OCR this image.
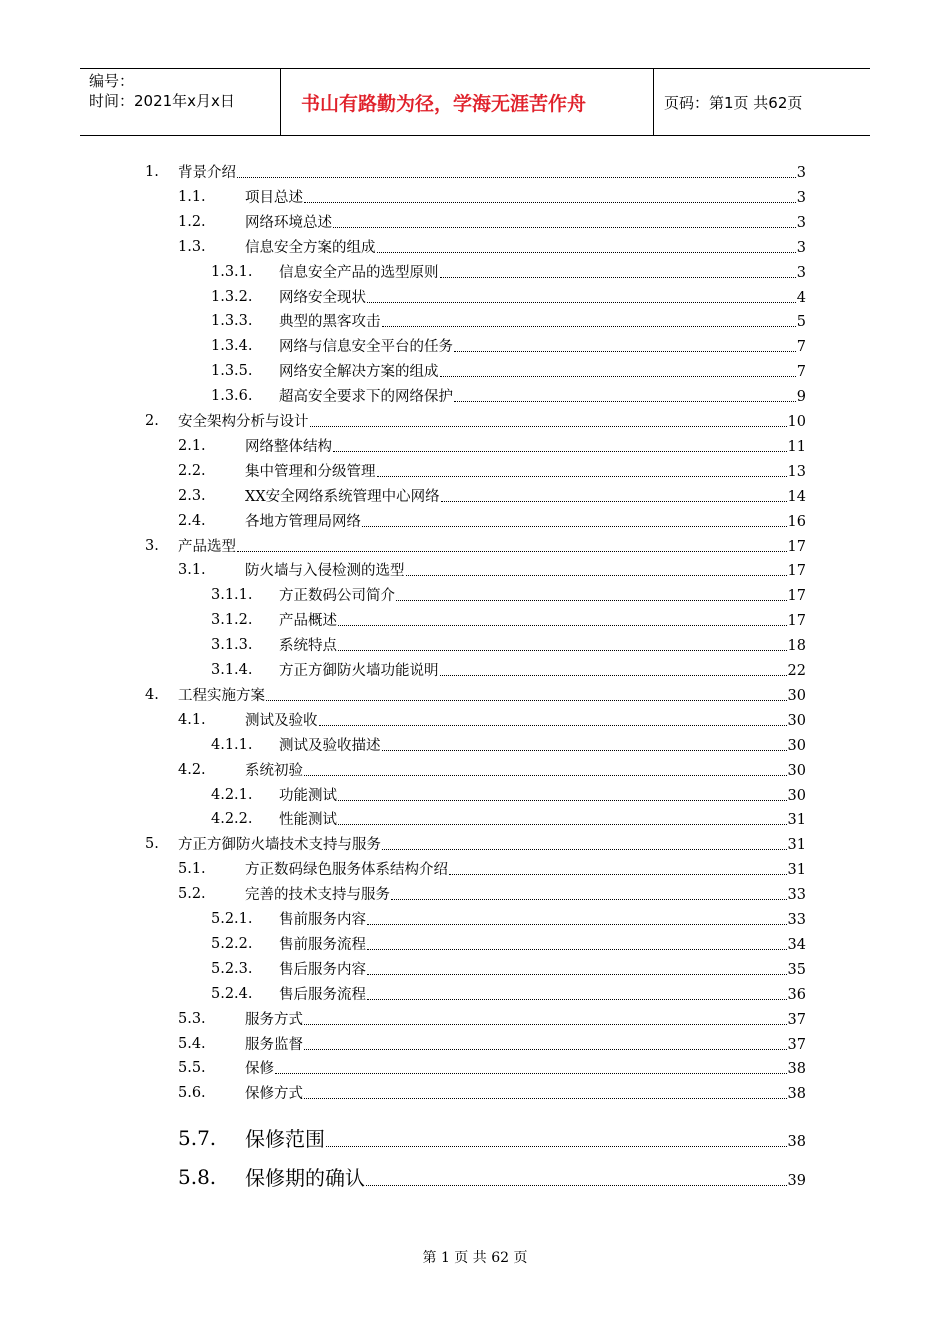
编号：
时间：2021年x月x日	书山有路勤为径，学海无涯苦作舟	页码：第1页 共62页
1. 背景介绍	3
1.1.	项目总述	3
1.2.	网络环境总述	3
1.3.	信息安全方案的组成	3
1.3.1. 信息安全产品的选型原则	3
1.3.2. 网络安全现状	4
1.3.3. 典型的黑客攻击	5
1.3.4. 网络与信息安全平台的任务	7
1.3.5. 网络安全解决方案的组成	7
1.3.6. 超高安全要求下的网络保护	9
2. 安全架构分析与设计	10
2.1.	网络整体结构	11
2.2.	集中管理和分级管理	13
2.3.	XX安全网络系统管理中心网络	14
2.4.	各地方管理局网络	16
3. 产品选型	17
3.1.	防火墙与入侵检测的选型	17
3.1.1. 方正数码公司简介	17
3.1.2. 产品概述	17
3.1.3. 系统特点	18
3.1.4. 方正方御防火墙功能说明	22
4. 工程实施方案	30
4.1.	测试及验收	30
4.1.1. 测试及验收描述	30
4.2.	系统初验	30
4.2.1. 功能测试	30
4.2.2. 性能测试	31
5. 方正方御防火墙技术支持与服务	31
5.1.	方正数码绿色服务体系结构介绍	31
5.2.	完善的技术支持与服务	33
5.2.1. 售前服务内容	33
5.2.2. 售前服务流程	34
5.2.3. 售后服务内容	35
5.2.4. 售后服务流程	36
5.3.	服务方式	37
5.4.	服务监督	37
5.5.	保修	38
5.6.	保修方式	38
5.7. 保修范围	38
5.8. 保修期的确认	39
第 1 页 共 62 页
